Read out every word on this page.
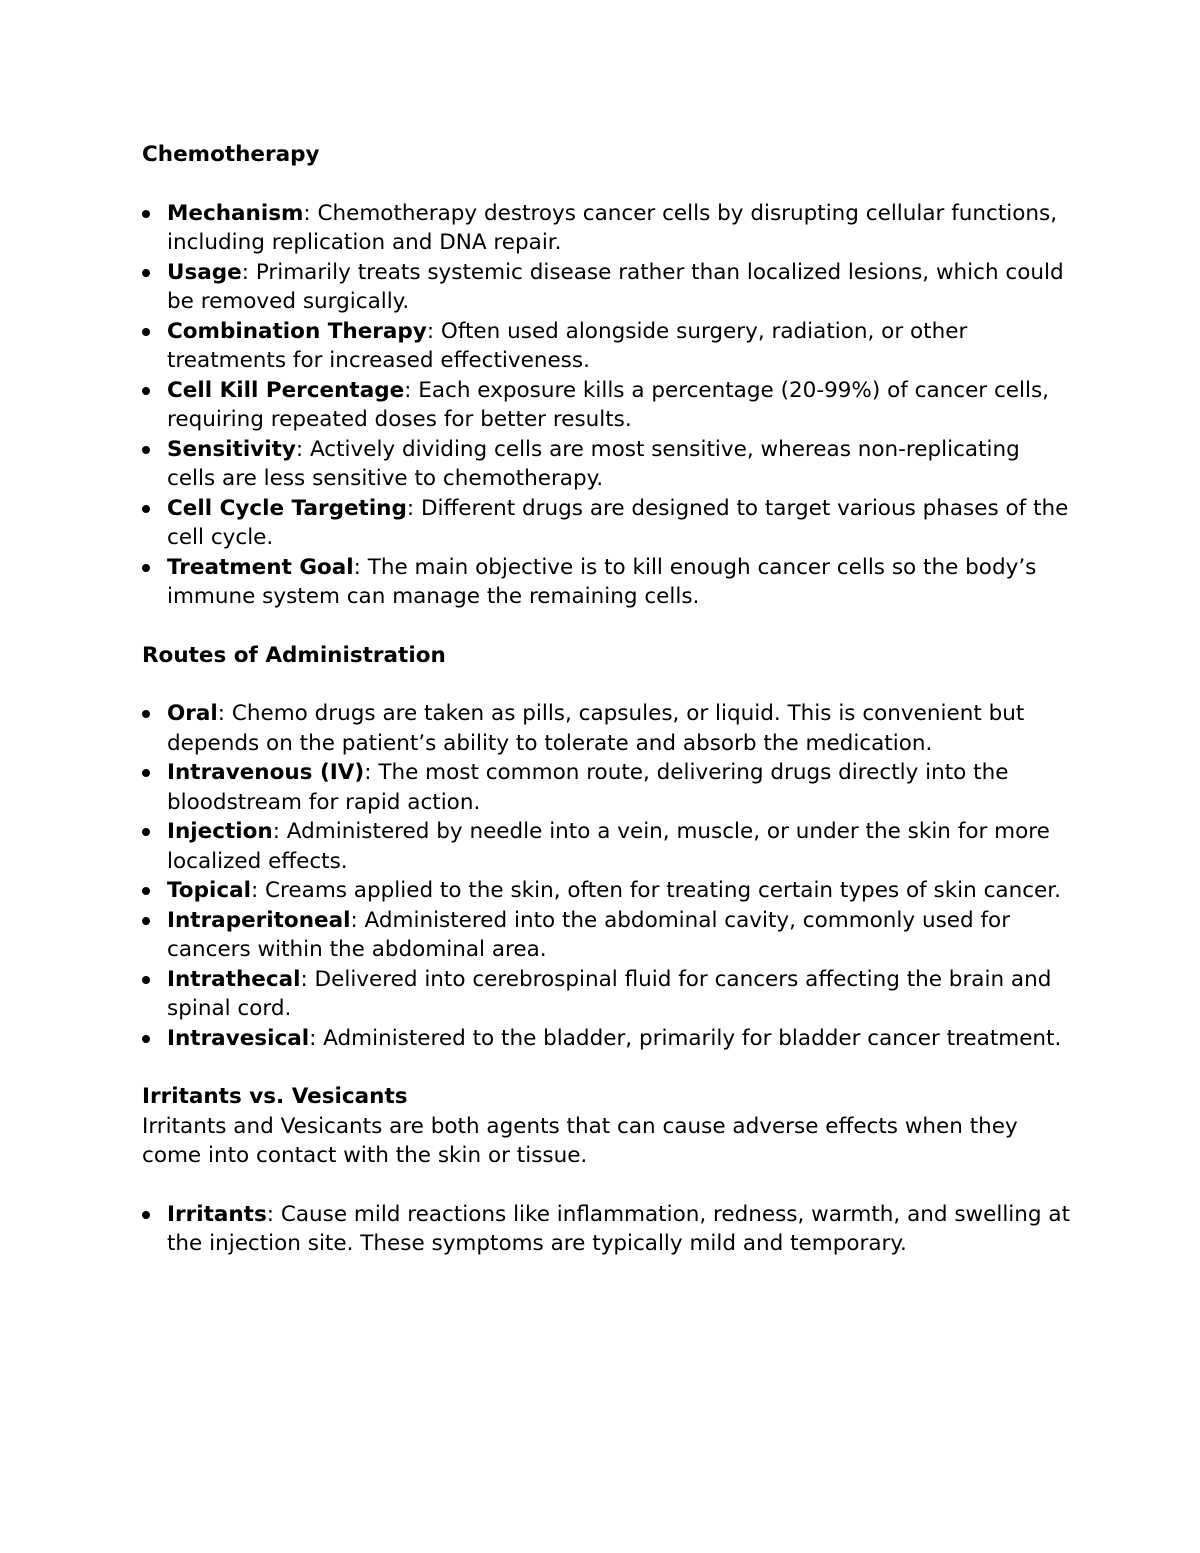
Chemotherapy

Mechanism: Chemotherapy destroys cancer cells by disrupting cellular functions, including replication and DNA repair.
Usage: Primarily treats systemic disease rather than localized lesions, which could be removed surgically.
Combination Therapy: Often used alongside surgery, radiation, or other treatments for increased effectiveness.
Cell Kill Percentage: Each exposure kills a percentage (20-99%) of cancer cells, requiring repeated doses for better results.
Sensitivity: Actively dividing cells are most sensitive, whereas non-replicating cells are less sensitive to chemotherapy.
Cell Cycle Targeting: Different drugs are designed to target various phases of the cell cycle.
Treatment Goal: The main objective is to kill enough cancer cells so the body’s immune system can manage the remaining cells.

Routes of Administration

Oral: Chemo drugs are taken as pills, capsules, or liquid. This is convenient but depends on the patient’s ability to tolerate and absorb the medication.
Intravenous (IV): The most common route, delivering drugs directly into the bloodstream for rapid action.
Injection: Administered by needle into a vein, muscle, or under the skin for more localized effects.
Topical: Creams applied to the skin, often for treating certain types of skin cancer.
Intraperitoneal: Administered into the abdominal cavity, commonly used for cancers within the abdominal area.
Intrathecal: Delivered into cerebrospinal fluid for cancers affecting the brain and spinal cord.
Intravesical: Administered to the bladder, primarily for bladder cancer treatment.

Irritants vs. Vesicants

Irritants and Vesicants are both agents that can cause adverse effects when they come into contact with the skin or tissue.

Irritants: Cause mild reactions like inflammation, redness, warmth, and swelling at the injection site. These symptoms are typically mild and temporary.
